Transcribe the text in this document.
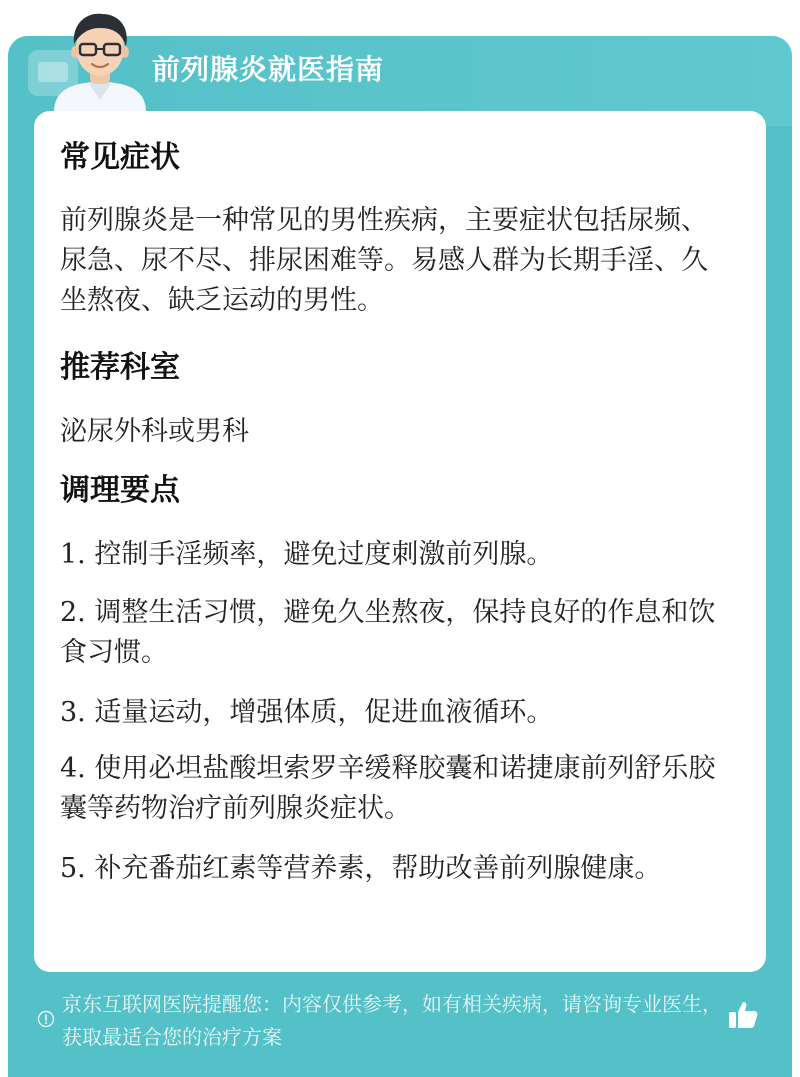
前列腺炎就医指南
常见症状
前列腺炎是一种常见的男性疾病，主要症状包括尿频、尿急、尿不尽、排尿困难等。易感人群为长期手淫、久坐熬夜、缺乏运动的男性。
推荐科室
泌尿外科或男科
调理要点
1. 控制手淫频率，避免过度刺激前列腺。
2. 调整生活习惯，避免久坐熬夜，保持良好的作息和饮食习惯。
3. 适量运动，增强体质，促进血液循环。
4. 使用必坦盐酸坦索罗辛缓释胶囊和诺捷康前列舒乐胶囊等药物治疗前列腺炎症状。
5. 补充番茄红素等营养素，帮助改善前列腺健康。
京东互联网医院提醒您：内容仅供参考，如有相关疾病，请咨询专业医生，获取最适合您的治疗方案
